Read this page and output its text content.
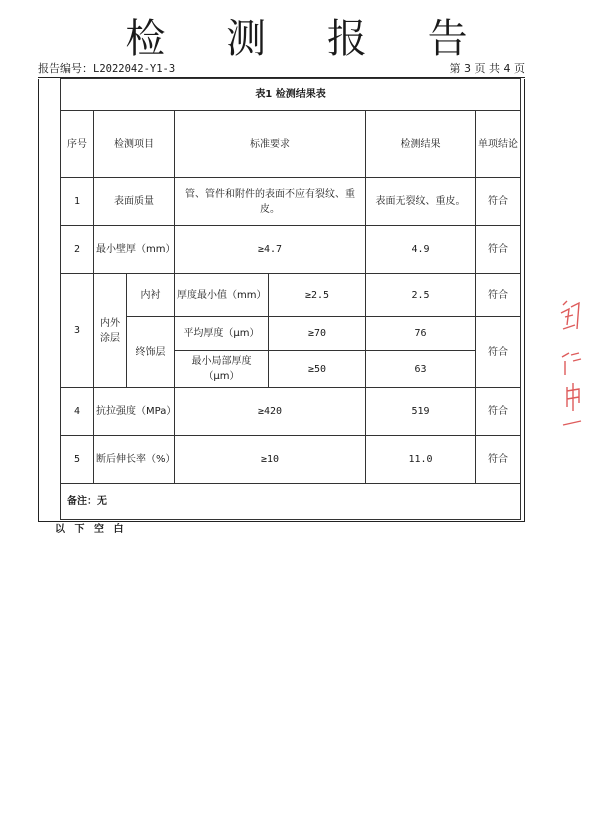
检 测 报 告
报告编号：L2022042-Y1-3	第 3 页 共 4 页
表1 检测结果表						
序号	检测项目		标准要求		检测结果	单项结论
1	表面质量		管、管件和附件的表面不应有裂纹、重皮。		表面无裂纹、重皮。	符合
2	最小壁厚（mm）		≥4.7		4.9	符合
3	内外涂层	内衬	厚度最小值（mm）	≥2.5	2.5	符合
		终饰层	平均厚度（μm）	≥70	76	符合
			最小局部厚度（μm）	≥50	63	
4	抗拉强度（MPa）		≥420		519	符合
5	断后伸长率（%）		≥10		11.0	符合
备注：无						
以 下 空 白
